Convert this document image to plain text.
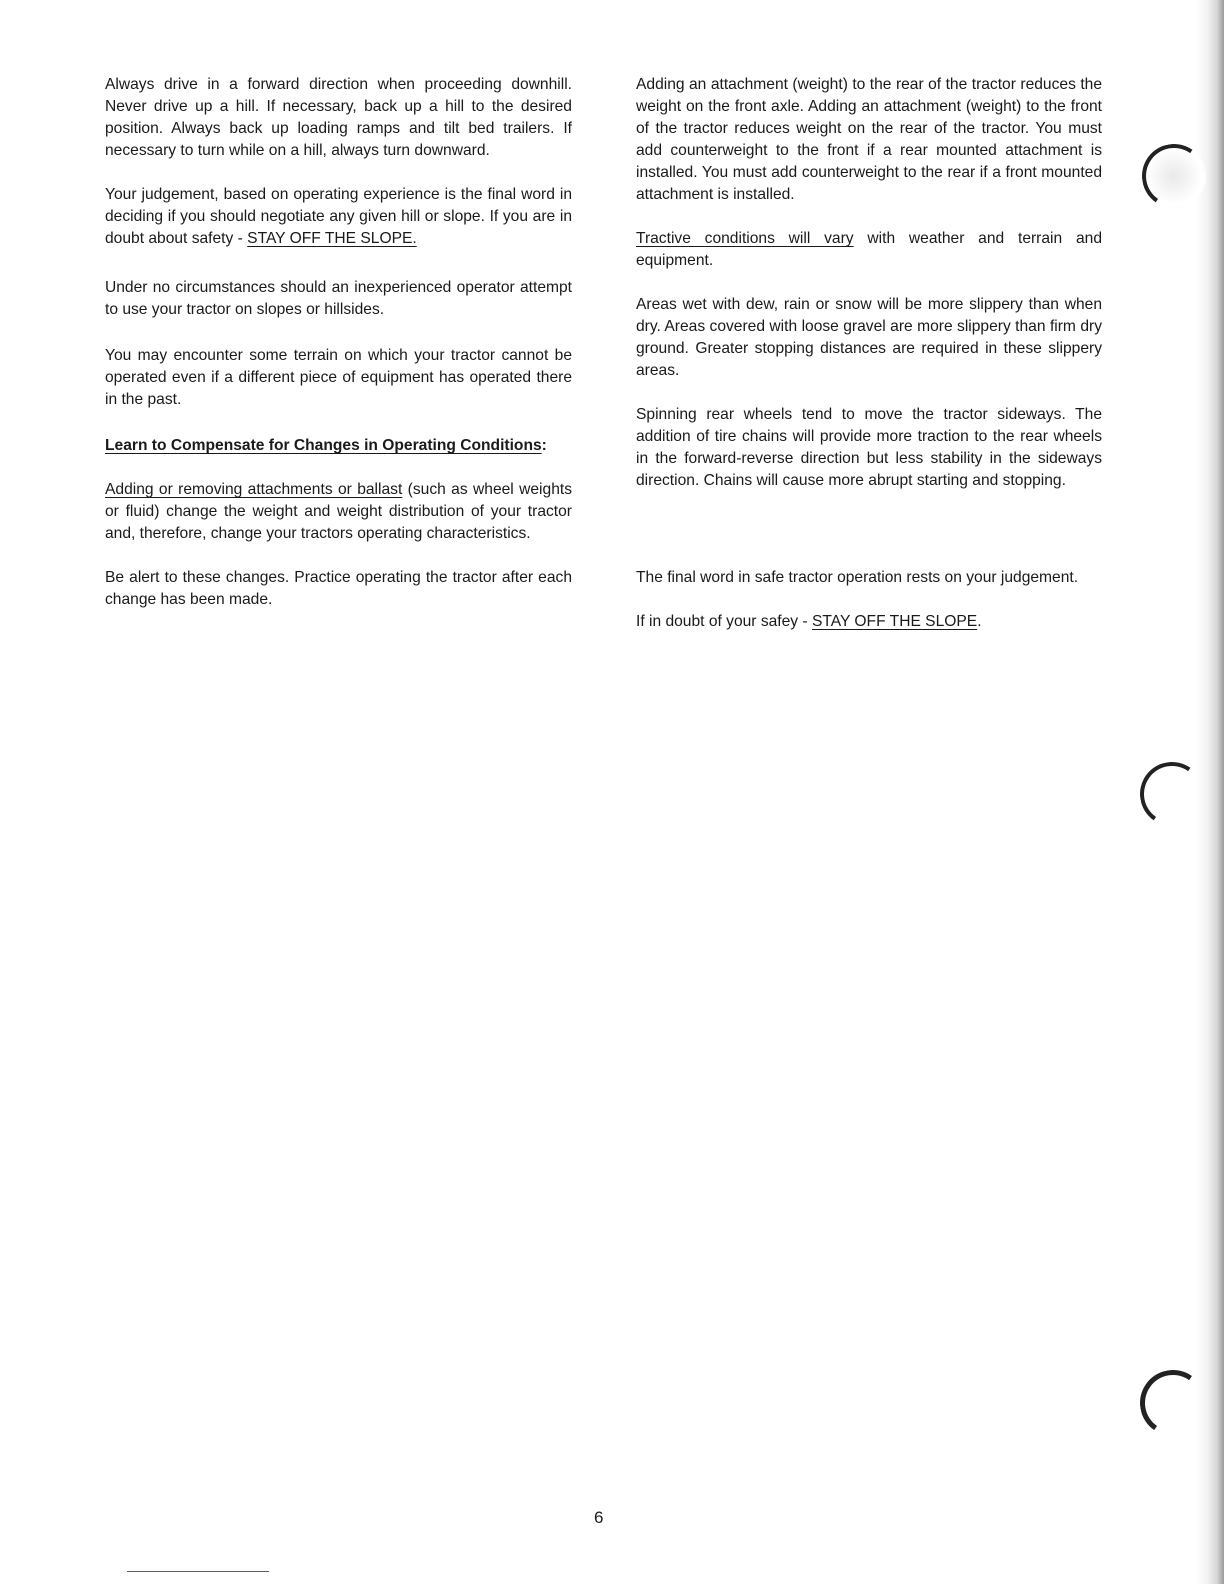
Always drive in a forward direction when proceeding downhill. Never drive up a hill. If necessary, back up a hill to the desired position. Always back up loading ramps and tilt bed trailers. If necessary to turn while on a hill, always turn downward.

Your judgement, based on operating experience is the final word in deciding if you should negotiate any given hill or slope. If you are in doubt about safety - STAY OFF THE SLOPE.

Under no circumstances should an inexperienced operator attempt to use your tractor on slopes or hillsides.

You may encounter some terrain on which your tractor cannot be operated even if a different piece of equipment has operated there in the past.

Learn to Compensate for Changes in Operating Conditions:

Adding or removing attachments or ballast (such as wheel weights or fluid) change the weight and weight distribution of your tractor and, therefore, change your tractors operating characteristics.

Be alert to these changes. Practice operating the tractor after each change has been made.

Adding an attachment (weight) to the rear of the tractor reduces the weight on the front axle. Adding an attachment (weight) to the front of the tractor reduces weight on the rear of the tractor. You must add counterweight to the front if a rear mounted attachment is installed. You must add counterweight to the rear if a front mounted attachment is installed.

Tractive conditions will vary with weather and terrain and equipment.

Areas wet with dew, rain or snow will be more slippery than when dry. Areas covered with loose gravel are more slippery than firm dry ground. Greater stopping distances are required in these slippery areas.

Spinning rear wheels tend to move the tractor sideways. The addition of tire chains will provide more traction to the rear wheels in the forward-reverse direction but less stability in the sideways direction. Chains will cause more abrupt starting and stopping.

The final word in safe tractor operation rests on your judgement.

If in doubt of your safey - STAY OFF THE SLOPE.

6
